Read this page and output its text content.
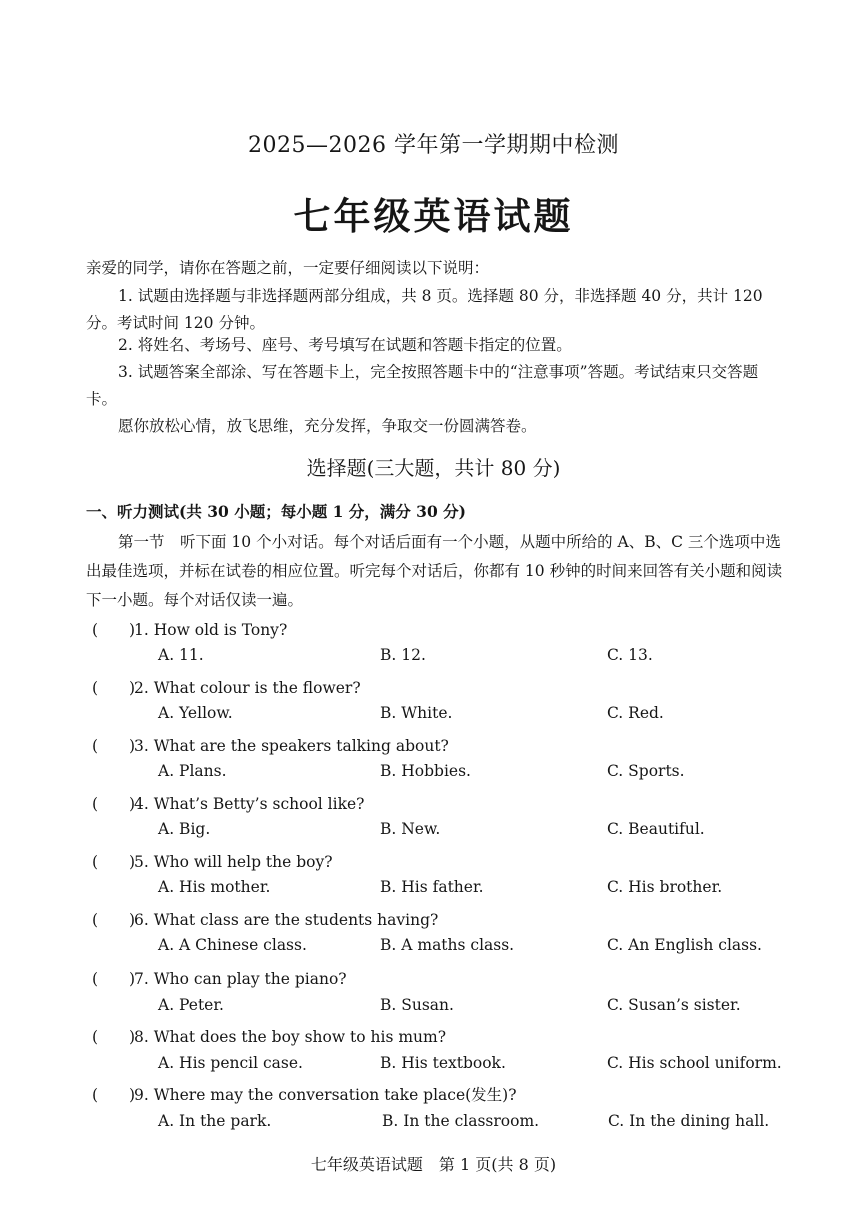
2025—2026 学年第一学期期中检测
七年级英语试题
亲爱的同学，请你在答题之前，一定要仔细阅读以下说明：
1. 试题由选择题与非选择题两部分组成，共 8 页。选择题 80 分，非选择题 40 分，共计 120 分。考试时间 120 分钟。
2. 将姓名、考场号、座号、考号填写在试题和答题卡指定的位置。
3. 试题答案全部涂、写在答题卡上，完全按照答题卡中的“注意事项”答题。考试结束只交答题卡。
愿你放松心情，放飞思维，充分发挥，争取交一份圆满答卷。
选择题(三大题，共计 80 分)
一、听力测试(共 30 小题；每小题 1 分，满分 30 分)
第一节　听下面 10 个小对话。每个对话后面有一个小题，从题中所给的 A、B、C 三个选项中选出最佳选项，并标在试卷的相应位置。听完每个对话后，你都有 10 秒钟的时间来回答有关小题和阅读下一小题。每个对话仅读一遍。
(　　)1. How old is Tony?
A. 11.	B. 12.	C. 13.
(　　)2. What colour is the flower?
A. Yellow.	B. White.	C. Red.
(　　)3. What are the speakers talking about?
A. Plans.	B. Hobbies.	C. Sports.
(　　)4. What’s Betty’s school like?
A. Big.	B. New.	C. Beautiful.
(　　)5. Who will help the boy?
A. His mother.	B. His father.	C. His brother.
(　　)6. What class are the students having?
A. A Chinese class.	B. A maths class.	C. An English class.
(　　)7. Who can play the piano?
A. Peter.	B. Susan.	C. Susan’s sister.
(　　)8. What does the boy show to his mum?
A. His pencil case.	B. His textbook.	C. His school uniform.
(　　)9. Where may the conversation take place(发生)?
A. In the park.	B. In the classroom.	C. In the dining hall.
七年级英语试题　第 1 页(共 8 页)
